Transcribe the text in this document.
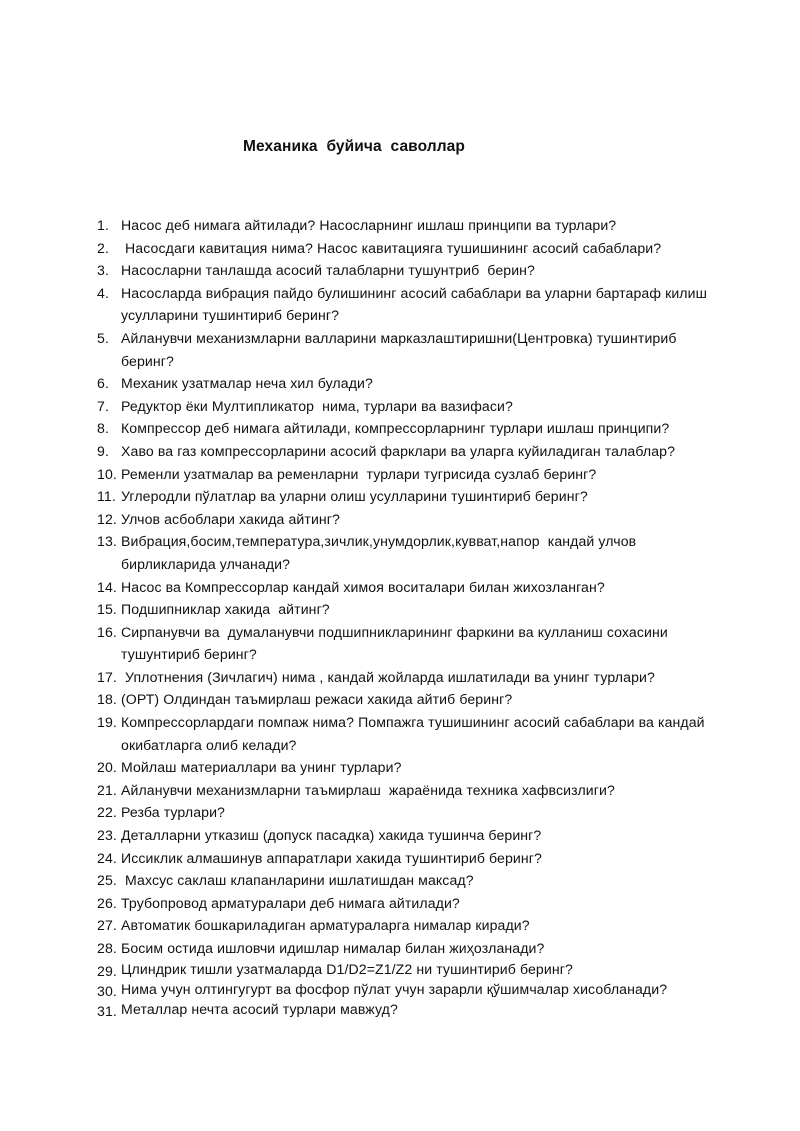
Механика  буйича  саволлар
1. Насос деб нимага айтилади? Насосларнинг ишлаш принципи ва турлари?
2. Насосдаги кавитация нима? Насос кавитацияга тушишининг асосий сабаблари?
3. Насосларни танлашда асосий талабларни тушунтриб  берин?
4. Насосларда вибрация пайдо булишининг асосий сабаблари ва уларни бартараф килиш усулларини тушинтириб беринг?
5. Айланувчи механизмларни валларини марказлаштиришни(Центровка) тушинтириб беринг?
6. Механик узатмалар неча хил булади?
7. Редуктор ёки Мултипликатор  нима, турлари ва вазифаси?
8. Компрессор деб нимага айтилади, компрессорларнинг турлари ишлаш принципи?
9. Хаво ва газ компрессорларини асосий фарклари ва уларга куйиладиган талаблар?
10. Ременли узатмалар ва ременларни  турлари тугрисида сузлаб беринг?
11. Углеродли пўлатлар ва уларни олиш усулларини тушинтириб беринг?
12. Улчов асбоблари хакида айтинг?
13. Вибрация,босим,температура,зичлик,унумдорлик,кувват,напор  кандай улчов бирликларида улчанади?
14. Насос ва Компрессорлар кандай химоя воситалари билан жихозланган?
15. Подшипниклар хакида  айтинг?
16. Сирпанувчи ва  думаланувчи подшипникларининг фаркини ва кулланиш сохасини тушунтириб беринг?
17. Уплотнения (Зичлагич) нима , кандай жойларда ишлатилади ва унинг турлари?
18. (ОРТ) Олдиндан таъмирлаш режаси хакида айтиб беринг?
19. Компрессорлардаги помпаж нима? Помпажга тушишининг асосий сабаблари ва кандай окибатларга олиб келади?
20. Мойлаш материаллари ва унинг турлари?
21. Айланувчи механизмларни таъмирлаш  жараёнида техника хафвсизлиги?
22. Резба турлари?
23. Деталларни утказиш (допуск пасадка) хакида тушинча беринг?
24. Иссиклик алмашинув аппаратлари хакида тушинтириб беринг?
25. Махсус саклаш клапанларини ишлатишдан максад?
26. Трубопровод арматуралари деб нимага айтилади?
27. Автоматик бошкариладиган арматураларга нималар киради?
28. Босим остида ишловчи идишлар нималар билан жиҳозланади?
29. Цлиндрик тишли узатмаларда D1/D2=Z1/Z2 ни тушинтириб беринг?
30. Нима учун олтингугурт ва фосфор пўлат учун зарарли қўшимчалар хисобланади?
31. Металлар нечта асосий турлари мавжуд?
